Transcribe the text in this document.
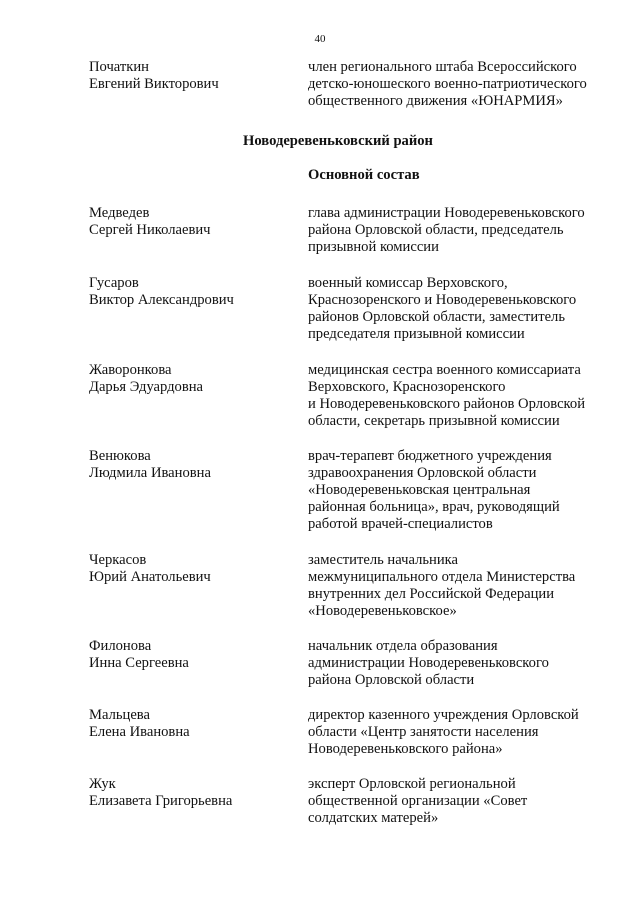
40
Початкин
Евгений Викторович
член регионального штаба Всероссийского
детско-юношеского военно-патриотического
общественного движения «ЮНАРМИЯ»
Новодеревеньковский район
Основной состав
Медведев
Сергей Николаевич
глава администрации Новодеревеньковского
района Орловской области, председатель
призывной комиссии
Гусаров
Виктор Александрович
военный комиссар Верховского,
Краснозоренского и Новодеревеньковского
районов Орловской области, заместитель
председателя призывной комиссии
Жаворонкова
Дарья Эдуардовна
медицинская сестра военного комиссариата
Верховского, Краснозоренского
и Новодеревеньковского районов Орловской
области, секретарь призывной комиссии
Венюкова
Людмила Ивановна
врач-терапевт бюджетного учреждения
здравоохранения Орловской области
«Новодеревеньковская центральная
районная больница», врач, руководящий
работой врачей-специалистов
Черкасов
Юрий Анатольевич
заместитель начальника
межмуниципального отдела Министерства
внутренних дел Российской Федерации
«Новодеревеньковское»
Филонова
Инна Сергеевна
начальник отдела образования
администрации Новодеревеньковского
района Орловской области
Мальцева
Елена Ивановна
директор казенного учреждения Орловской
области «Центр занятости населения
Новодеревеньковского района»
Жук
Елизавета Григорьевна
эксперт Орловской региональной
общественной организации «Совет
солдатских матерей»
